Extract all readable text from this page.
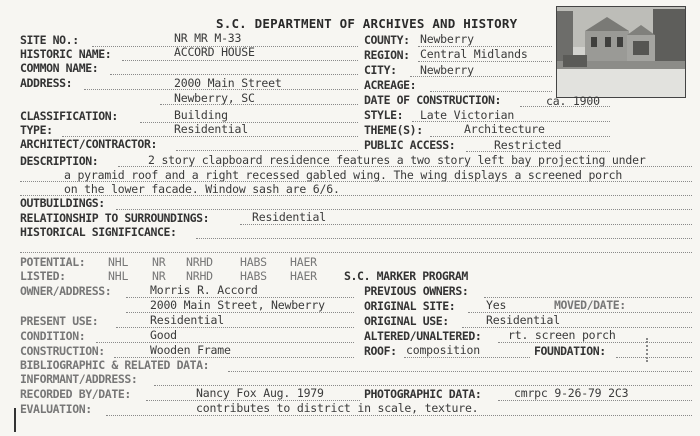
S.C. DEPARTMENT OF ARCHIVES AND HISTORY
SITE NO.:	NR MR M-33
HISTORIC NAME:	ACCORD HOUSE
COMMON NAME:
ADDRESS:	2000 Main Street
Newberry, SC
CLASSIFICATION:	Building
TYPE:	Residential
ARCHITECT/CONTRACTOR:
COUNTY: Newberry
REGION: Central Midlands
CITY: Newberry
ACREAGE:
DATE OF CONSTRUCTION:	ca. 1900
STYLE: Late Victorian
THEME(S):	Architecture
PUBLIC ACCESS:	Restricted
DESCRIPTION:	2 story clapboard residence features a two story left bay projecting under
a pyramid roof and a right recessed gabled wing. The wing displays a screened porch
on the lower facade. Window sash are 6/6.
OUTBUILDINGS:
RELATIONSHIP TO SURROUNDINGS:	Residential
HISTORICAL SIGNIFICANCE:
POTENTIAL: NHL NR NRHD HABS HAER
LISTED:	NHL NR NRHD HABS HAER S.C. MARKER PROGRAM
OWNER/ADDRESS:	Morris R. Accord
2000 Main Street, Newberry
PREVIOUS OWNERS:
ORIGINAL SITE:	Yes	MOVED/DATE:
PRESENT USE:	Residential	ORIGINAL USE:	Residential
CONDITION:	Good	ALTERED/UNALTERED: rt. screen porch
CONSTRUCTION:	Wooden Frame	ROOF: composition	FOUNDATION:
BIBLIOGRAPHIC & RELATED DATA:
INFORMANT/ADDRESS:
RECORDED BY/DATE:	Nancy Fox Aug. 1979	PHOTOGRAPHIC DATA:	cmrpc 9-26-79 2C3
EVALUATION:	contributes to district in scale, texture.
